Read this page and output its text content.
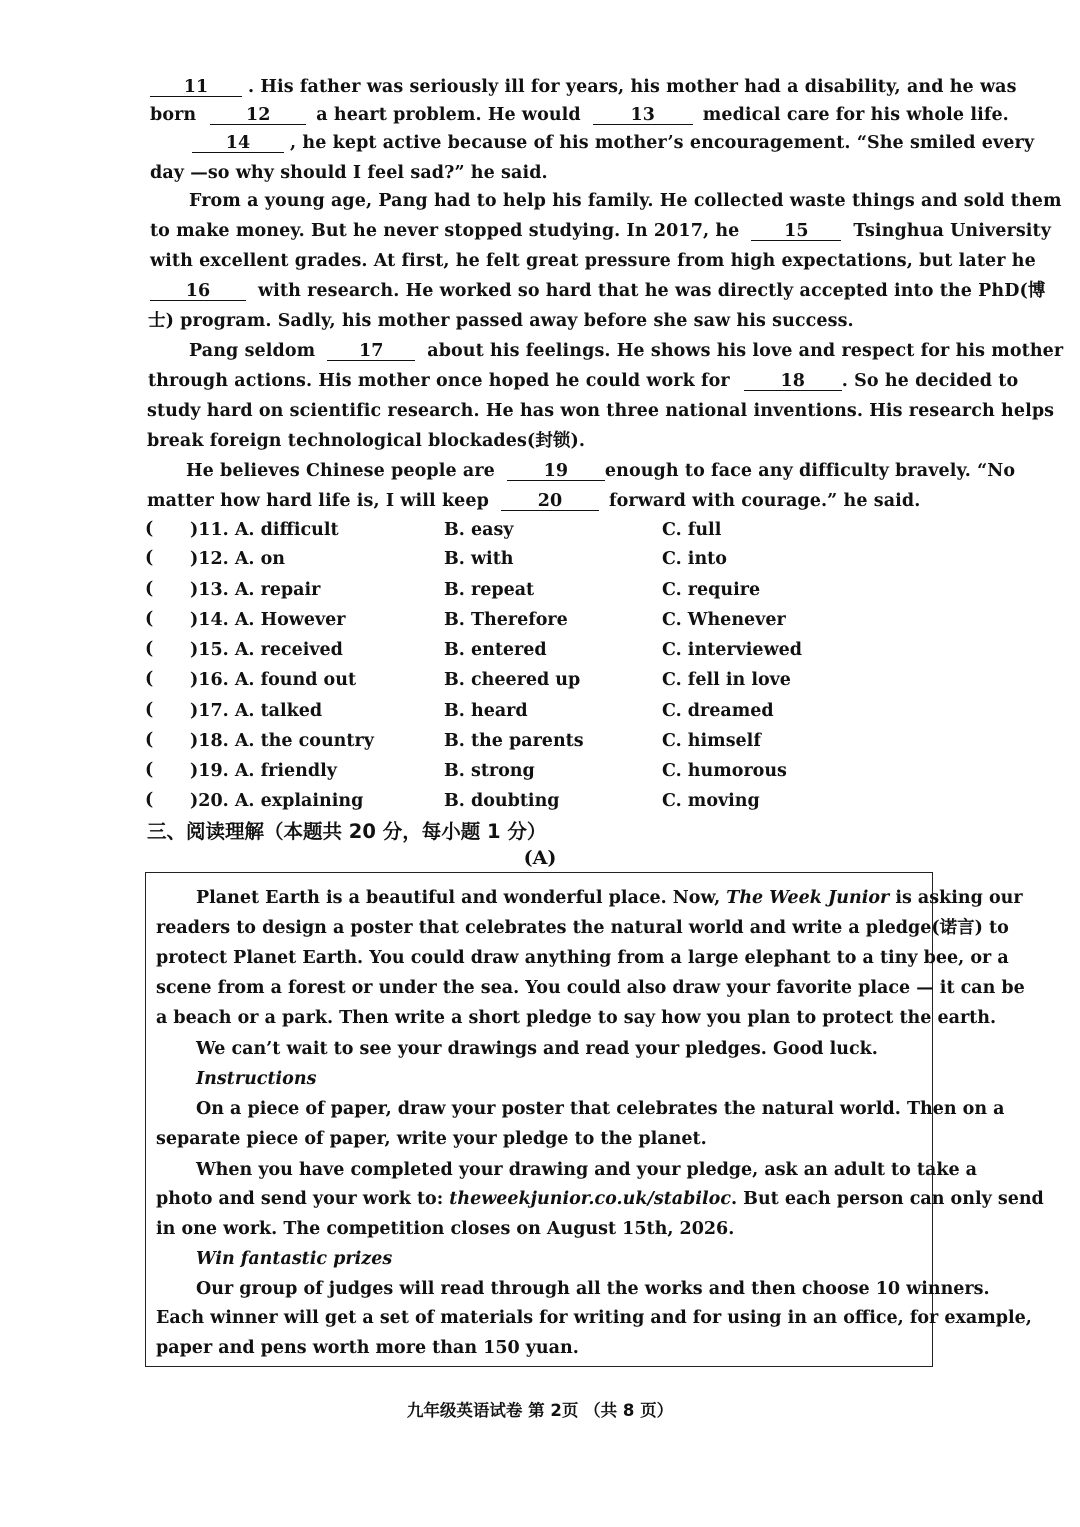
11 . His father was seriously ill for years, his mother had a disability, and he was
born	12	a heart problem. He would	13	medical care for his whole life.
14 , he kept active because of his mother’s encouragement. “She smiled every
day —so why should I feel sad?” he said.
From a young age, Pang had to help his family. He collected waste things and sold them
to make money. But he never stopped studying. In 2017, he	15	Tsinghua University
with excellent grades. At first, he felt great pressure from high expectations, but later he
16	with research. He worked so hard that he was directly accepted into the PhD(博
士) program. Sadly, his mother passed away before she saw his success.
Pang seldom 17 about his feelings. He shows his love and respect for his mother
through actions. His mother once hoped he could work for	18 . So he decided to
study hard on scientific research. He has won three national inventions. His research helps
break foreign technological blockades(封锁).
He believes Chinese people are	19 enough to face any difficulty bravely. “No
matter how hard life is, I will keep	20	forward with courage.” he said.
( )11. A. difficult	B. easy	C. full
( )12. A. on	B. with	C. into
( )13. A. repair	B. repeat	C. require
( )14. A. However	B. Therefore	C. Whenever
( )15. A. received	B. entered	C. interviewed
( )16. A. found out	B. cheered up	C. fell in love
( )17. A. talked	B. heard	C. dreamed
( )18. A. the country	B. the parents	C. himself
( )19. A. friendly	B. strong	C. humorous
( )20. A. explaining	B. doubting	C. moving
三、阅读理解（本题共 20 分，每小题 1 分）
(A)
Planet Earth is a beautiful and wonderful place. Now, The Week Junior is asking our
readers to design a poster that celebrates the natural world and write a pledge(诺言) to
protect Planet Earth. You could draw anything from a large elephant to a tiny bee, or a
scene from a forest or under the sea. You could also draw your favorite place — it can be
a beach or a park. Then write a short pledge to say how you plan to protect the earth.
We can’t wait to see your drawings and read your pledges. Good luck.
Instructions
On a piece of paper, draw your poster that celebrates the natural world. Then on a
separate piece of paper, write your pledge to the planet.
When you have completed your drawing and your pledge, ask an adult to take a
photo and send your work to: theweekjunior.co.uk/stabiloc. But each person can only send
in one work. The competition closes on August 15th, 2026.
Win fantastic prizes
Our group of judges will read through all the works and then choose 10 winners.
Each winner will get a set of materials for writing and for using in an office, for example,
paper and pens worth more than 150 yuan.
九年级英语试卷 第 2页 （共 8 页）
